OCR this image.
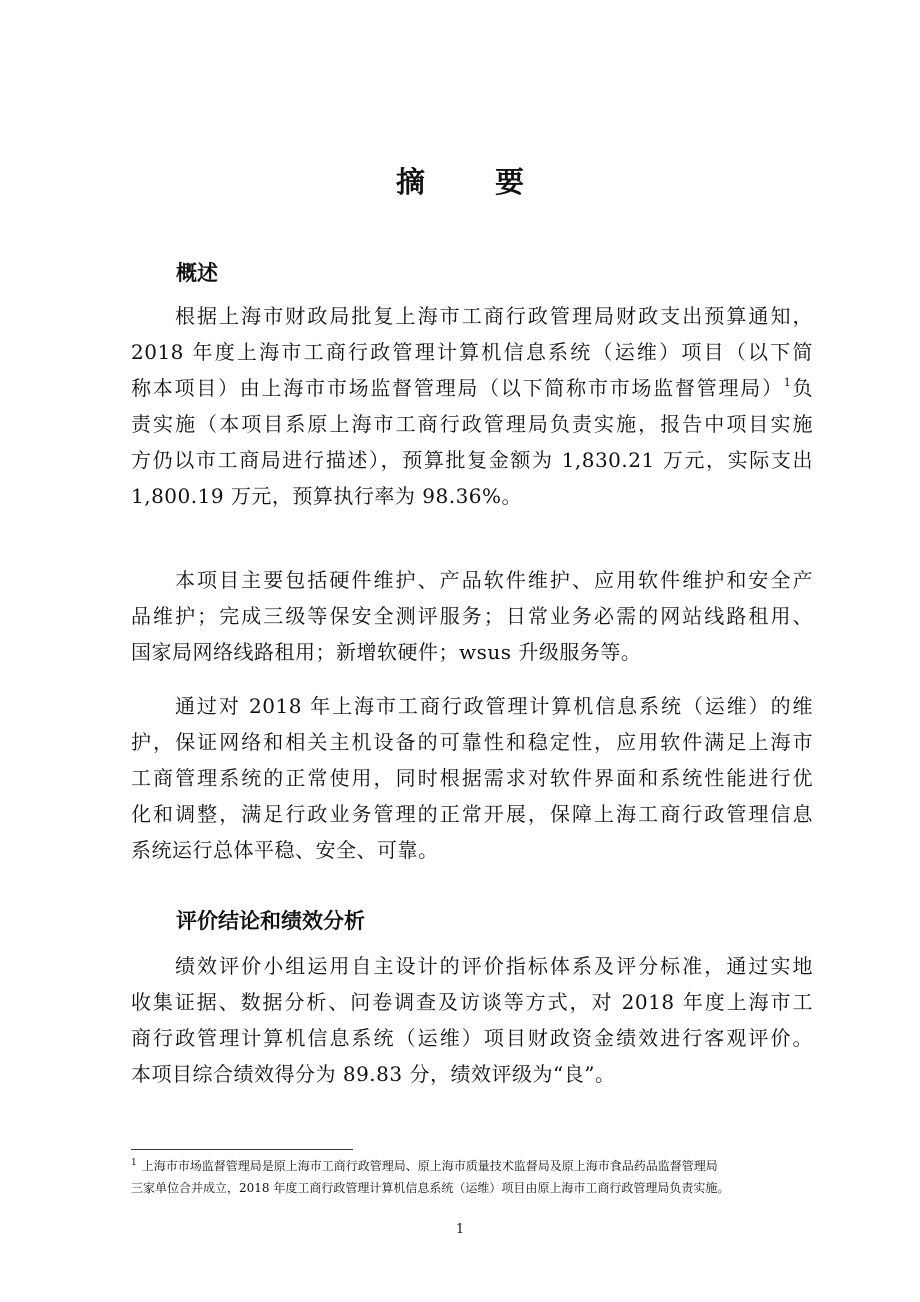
摘 要
概述

根据上海市财政局批复上海市工商行政管理局财政支出预算通知，
2018 年度上海市工商行政管理计算机信息系统（运维）项目（以下简
称本项目）由上海市市场监督管理局（以下简称市市场监督管理局）$^1$负
责实施（本项目系原上海市工商行政管理局负责实施，报告中项目实施
方仍以市工商局进行描述），预算批复金额为 1,830.21 万元，实际支出
1,800.19 万元，预算执行率为 98.36%。

本项目主要包括硬件维护、产品软件维护、应用软件维护和安全产
品维护；完成三级等保安全测评服务；日常业务必需的网站线路租用、
国家局网络线路租用；新增软硬件；wsus 升级服务等。

通过对 2018 年上海市工商行政管理计算机信息系统（运维）的维
护，保证网络和相关主机设备的可靠性和稳定性，应用软件满足上海市
工商管理系统的正常使用，同时根据需求对软件界面和系统性能进行优
化和调整，满足行政业务管理的正常开展，保障上海工商行政管理信息
系统运行总体平稳、安全、可靠。

评价结论和绩效分析

绩效评价小组运用自主设计的评价指标体系及评分标准，通过实地
收集证据、数据分析、问卷调查及访谈等方式，对 2018 年度上海市工
商行政管理计算机信息系统（运维）项目财政资金绩效进行客观评价。
本项目综合绩效得分为 89.83 分，绩效评级为“良”。

$^1$ 上海市市场监督管理局是原上海市工商行政管理局、原上海市质量技术监督局及原上海市食品药品监督管理局
三家单位合并成立，2018 年度工商行政管理计算机信息系统（运维）项目由原上海市工商行政管理局负责实施。

1
